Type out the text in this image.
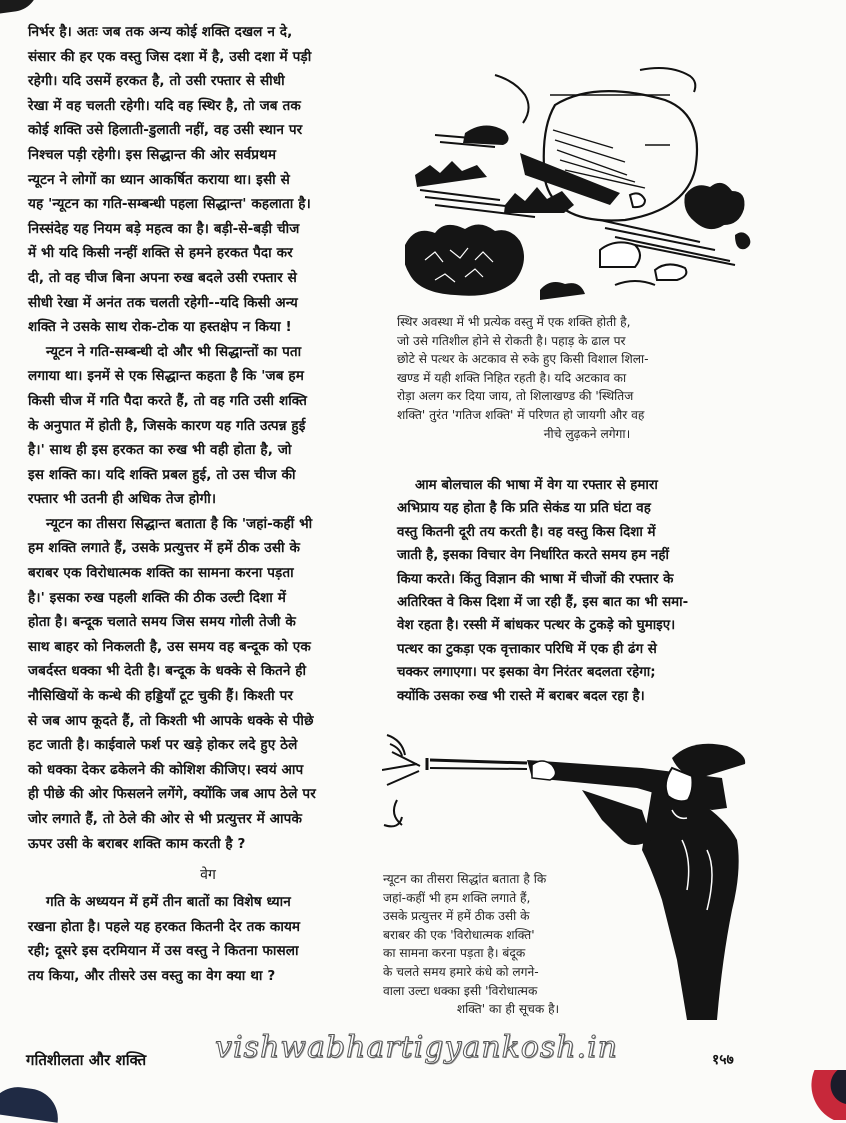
निर्भर है। अतः जब तक अन्य कोई शक्ति दखल न दे,
संसार की हर एक वस्तु जिस दशा में है, उसी दशा में पड़ी
रहेगी। यदि उसमें हरकत है, तो उसी रफ्तार से सीधी
रेखा में वह चलती रहेगी। यदि वह स्थिर है, तो जब तक
कोई शक्ति उसे हिलाती-डुलाती नहीं, वह उसी स्थान पर
निश्चल पड़ी रहेगी। इस सिद्धान्त की ओर सर्वप्रथम
न्यूटन ने लोगों का ध्यान आकर्षित कराया था। इसी से
यह 'न्यूटन का गति-सम्बन्धी पहला सिद्धान्त' कहलाता है।
निस्संदेह यह नियम बड़े महत्व का है। बड़ी-से-बड़ी चीज
में भी यदि किसी नन्हीं शक्ति से हमने हरकत पैदा कर
दी, तो वह चीज बिना अपना रुख बदले उसी रफ्तार से
सीधी रेखा में अनंत तक चलती रहेगी--यदि किसी अन्य
शक्ति ने उसके साथ रोक-टोक या हस्तक्षेप न किया !
न्यूटन ने गति-सम्बन्धी दो और भी सिद्धान्तों का पता
लगाया था। इनमें से एक सिद्धान्त कहता है कि 'जब हम
किसी चीज में गति पैदा करते हैं, तो वह गति उसी शक्ति
के अनुपात में होती है, जिसके कारण यह गति उत्पन्न हुई
है।' साथ ही इस हरकत का रुख भी वही होता है, जो
इस शक्ति का। यदि शक्ति प्रबल हुई, तो उस चीज की
रफ्तार भी उतनी ही अधिक तेज होगी।
न्यूटन का तीसरा सिद्धान्त बताता है कि 'जहां-कहीं भी
हम शक्ति लगाते हैं, उसके प्रत्युत्तर में हमें ठीक उसी के
बराबर एक विरोधात्मक शक्ति का सामना करना पड़ता
है।' इसका रुख पहली शक्ति की ठीक उल्टी दिशा में
होता है। बन्दूक चलाते समय जिस समय गोली तेजी के
साथ बाहर को निकलती है, उस समय वह बन्दूक को एक
जबर्दस्त धक्का भी देती है। बन्दूक के धक्के से कितने ही
नौसिखियों के कन्धे की हड्डियाँ टूट चुकी हैं। किश्ती पर
से जब आप कूदते हैं, तो किश्ती भी आपके धक्के से पीछे
हट जाती है। काईवाले फर्श पर खड़े होकर लदे हुए ठेले
को धक्का देकर ढकेलने की कोशिश कीजिए। स्वयं आप
ही पीछे की ओर फिसलने लगेंगे, क्योंकि जब आप ठेले पर
जोर लगाते हैं, तो ठेले की ओर से भी प्रत्युत्तर में आपके
ऊपर उसी के बराबर शक्ति काम करती है ?
वेग
गति के अध्ययन में हमें तीन बातों का विशेष ध्यान
रखना होता है। पहले यह हरकत कितनी देर तक कायम
रही; दूसरे इस दरमियान में उस वस्तु ने कितना फासला
तय किया, और तीसरे उस वस्तु का वेग क्या था ?
स्थिर अवस्था में भी प्रत्येक वस्तु में एक शक्ति होती है,
जो उसे गतिशील होने से रोकती है। पहाड़ के ढाल पर
छोटे से पत्थर के अटकाव से रुके हुए किसी विशाल शिला-
खण्ड में यही शक्ति निहित रहती है। यदि अटकाव का
रोड़ा अलग कर दिया जाय, तो शिलाखण्ड की 'स्थितिज
शक्ति' तुरंत 'गतिज शक्ति' में परिणत हो जायगी और वह
नीचे लुढ़कने लगेगा।
आम बोलचाल की भाषा में वेग या रफ्तार से हमारा
अभिप्राय यह होता है कि प्रति सेकंड या प्रति घंटा वह
वस्तु कितनी दूरी तय करती है। वह वस्तु किस दिशा में
जाती है, इसका विचार वेग निर्धारित करते समय हम नहीं
किया करते। किंतु विज्ञान की भाषा में चीजों की रफ्तार के
अतिरिक्त वे किस दिशा में जा रही हैं, इस बात का भी समा-
वेश रहता है। रस्सी में बांधकर पत्थर के टुकड़े को घुमाइए।
पत्थर का टुकड़ा एक वृत्ताकार परिधि में एक ही ढंग से
चक्कर लगाएगा। पर इसका वेग निरंतर बदलता रहेगा;
क्योंकि उसका रुख भी रास्ते में बराबर बदल रहा है।
न्यूटन का तीसरा सिद्धांत बताता है कि
जहां-कहीं भी हम शक्ति लगाते हैं,
उसके प्रत्युत्तर में हमें ठीक उसी के
बराबर की एक 'विरोधात्मक शक्ति'
का सामना करना पड़ता है। बंदूक
के चलते समय हमारे कंधे को लगने-
वाला उल्टा धक्का इसी 'विरोधात्मक
शक्ति' का ही सूचक है।
गतिशीलता और शक्ति vishwabhartigyankosh.in	१५७
